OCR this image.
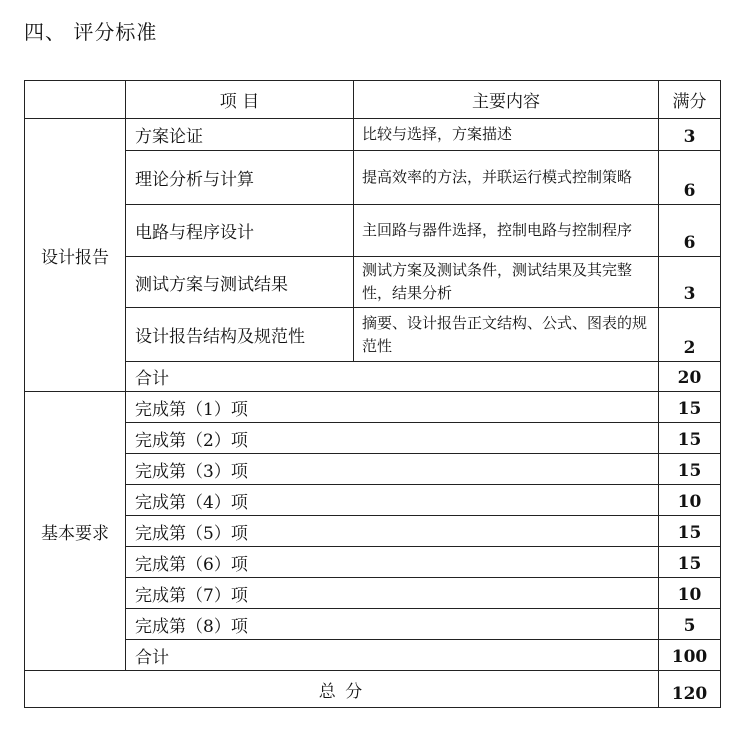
四、 评分标准
	项 目	主要内容	满分
设计报告	方案论证	比较与选择，方案描述	3
	理论分析与计算	提高效率的方法，并联运行模式控制策略	6
	电路与程序设计	主回路与器件选择，控制电路与控制程序	6
	测试方案与测试结果	测试方案及测试条件，测试结果及其完整性，结果分析	3
	设计报告结构及规范性	摘要、设计报告正文结构、公式、图表的规范性	2
	合计		20
基本要求	完成第（1）项		15
	完成第（2）项		15
	完成第（3）项		15
	完成第（4）项		10
	完成第（5）项		15
	完成第（6）项		15
	完成第（7）项		10
	完成第（8）项		5
	合计		100
总 分			120
